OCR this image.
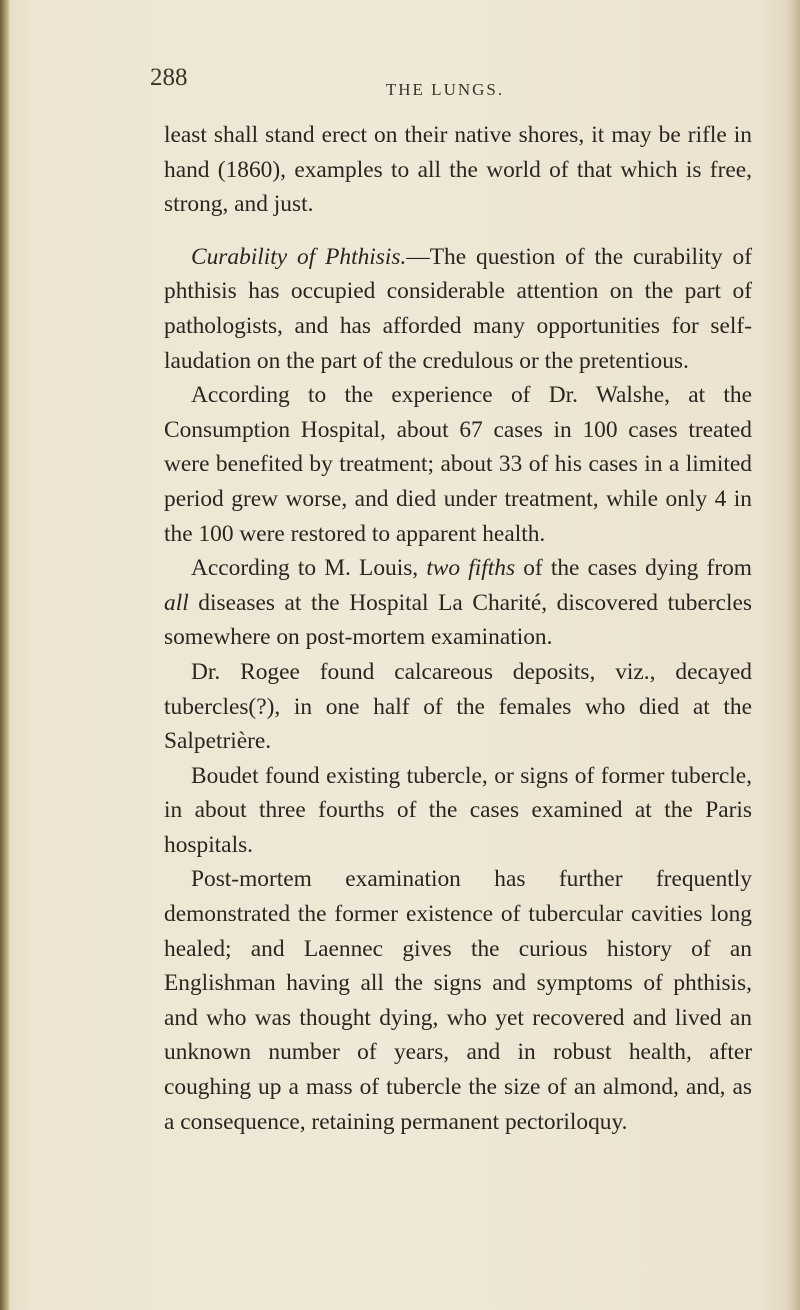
288	THE LUNGS.

least shall stand erect on their native shores, it may be rifle in hand (1860), examples to all the world of that which is free, strong, and just.

Curability of Phthisis.—The question of the curability of phthisis has occupied considerable attention on the part of pathologists, and has afforded many opportunities for self-laudation on the part of the credulous or the pretentious.

According to the experience of Dr. Walshe, at the Consumption Hospital, about 67 cases in 100 cases treated were benefited by treatment; about 33 of his cases in a limited period grew worse, and died under treatment, while only 4 in the 100 were restored to apparent health.

According to M. Louis, two fifths of the cases dying from all diseases at the Hospital La Charité, discovered tubercles somewhere on post-mortem examination.

Dr. Rogee found calcareous deposits, viz., decayed tubercles(?), in one half of the females who died at the Salpetrière.

Boudet found existing tubercle, or signs of former tubercle, in about three fourths of the cases examined at the Paris hospitals.

Post-mortem examination has further frequently demonstrated the former existence of tubercular cavities long healed; and Laennec gives the curious history of an Englishman having all the signs and symptoms of phthisis, and who was thought dying, who yet recovered and lived an unknown number of years, and in robust health, after coughing up a mass of tubercle the size of an almond, and, as a consequence, retaining permanent pectoriloquy.
